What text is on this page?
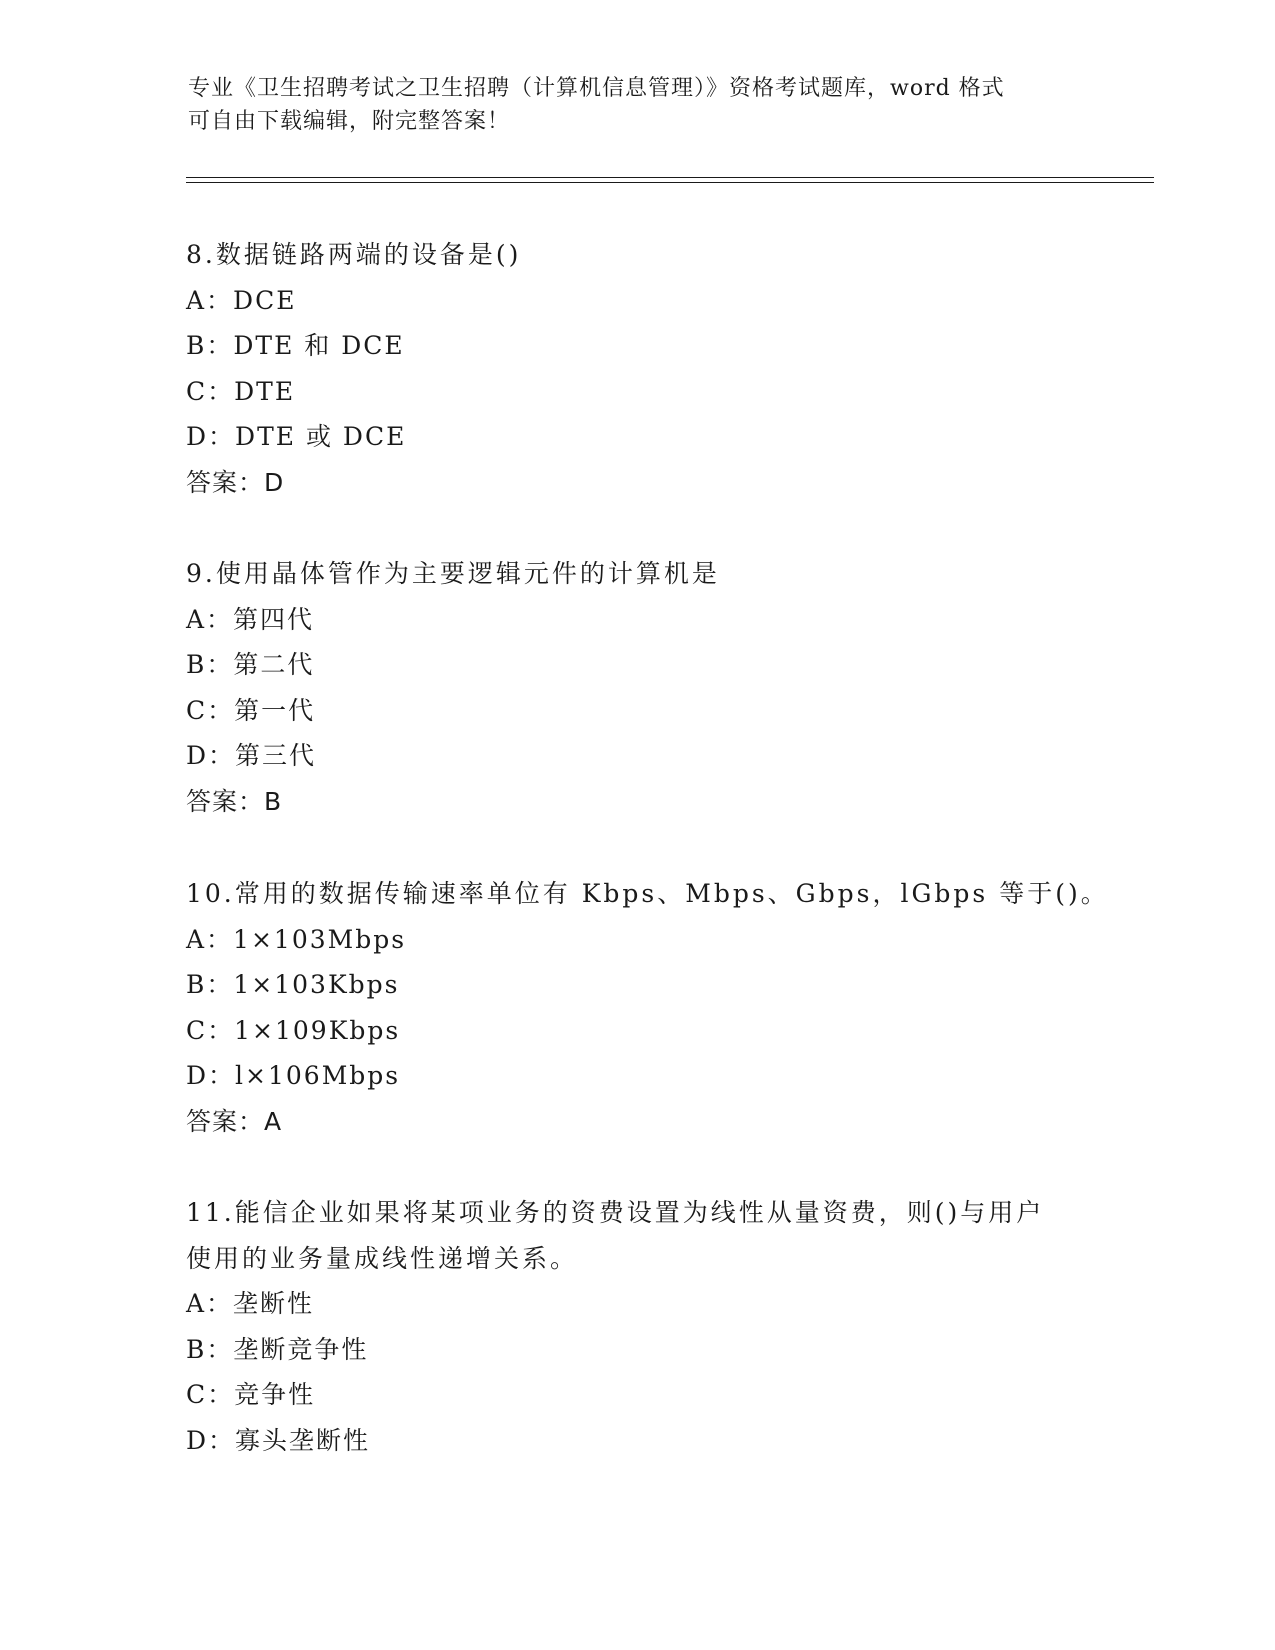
专业《卫生招聘考试之卫生招聘（计算机信息管理）》资格考试题库，word 格式
可自由下载编辑，附完整答案！
8.数据链路两端的设备是()
A：DCE
B：DTE 和 DCE
C：DTE
D：DTE 或 DCE
答案：D
9.使用晶体管作为主要逻辑元件的计算机是
A：第四代
B：第二代
C：第一代
D：第三代
答案：B
10.常用的数据传输速率单位有 Kbps、Mbps、Gbps，lGbps 等于()。
A：1×103Mbps
B：1×103Kbps
C：1×109Kbps
D：l×106Mbps
答案：A
11.能信企业如果将某项业务的资费设置为线性从量资费，则()与用户
使用的业务量成线性递增关系。
A：垄断性
B：垄断竞争性
C：竞争性
D：寡头垄断性
